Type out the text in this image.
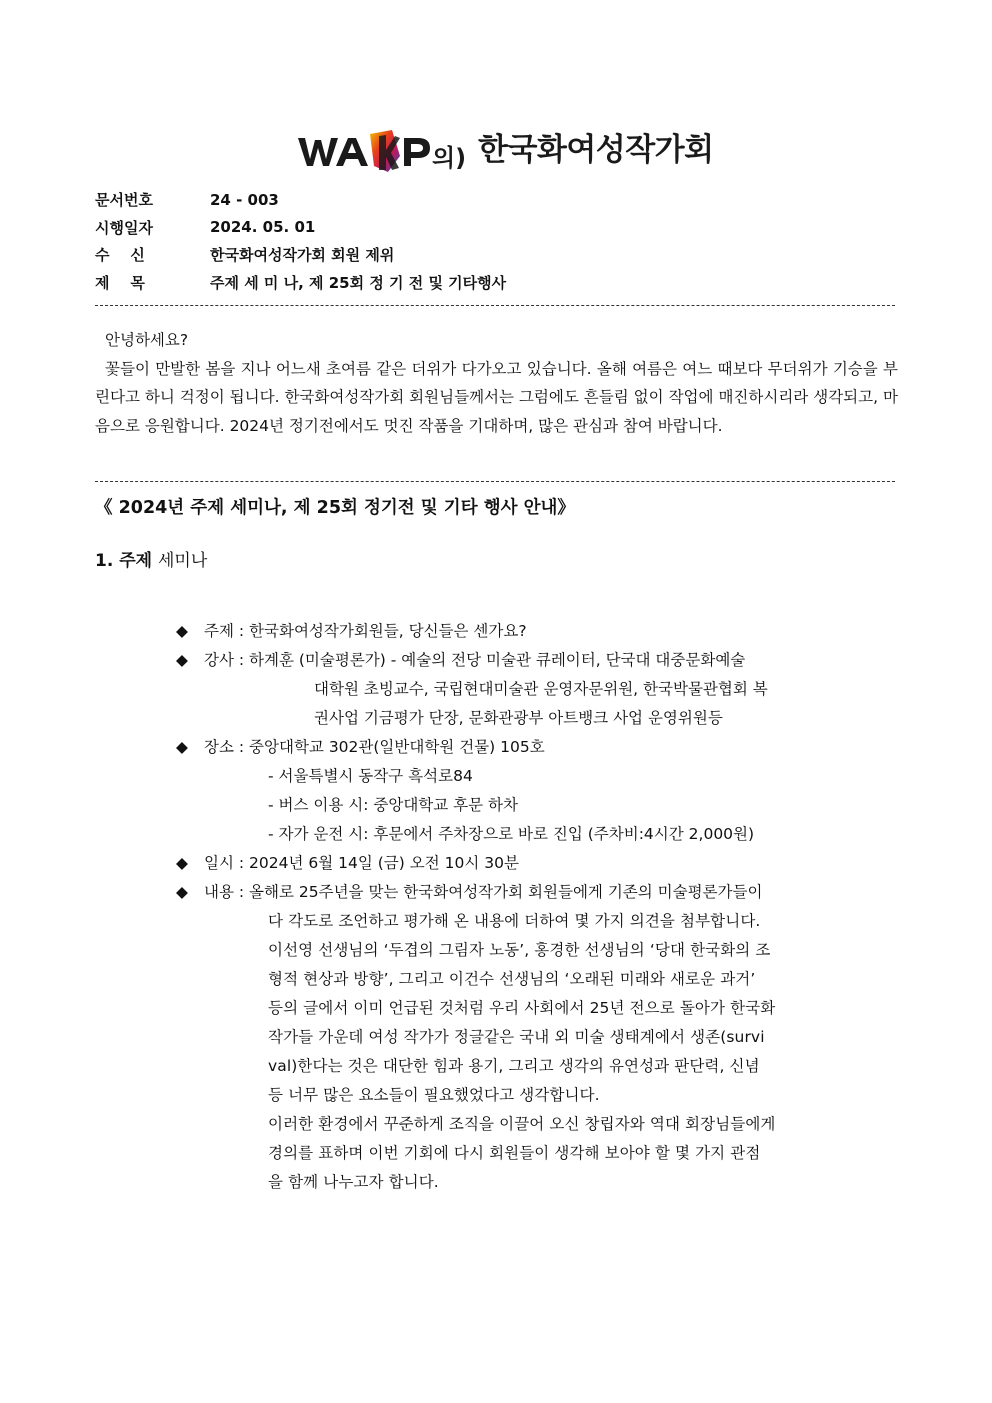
의) 한국화여성작가회
문서번호	24 - 003
시행일자	2024. 05. 01
수    신	한국화여성작가회 회원 제위
제    목	주제 세 미 나, 제 25회 정 기 전 및 기타행사
안녕하세요?
꽃들이 만발한 봄을 지나 어느새 초여름 같은 더위가 다가오고 있습니다. 올해 여름은 여느 때보다 무더위가 기승을 부린다고 하니 걱정이 됩니다. 한국화여성작가회 회원님들께서는 그럼에도 흔들림 없이 작업에 매진하시리라 생각되고, 마음으로 응원합니다. 2024년 정기전에서도 멋진 작품을 기대하며, 많은 관심과 참여 바랍니다.
《 2024년 주제 세미나, 제 25회 정기전 및 기타 행사 안내》
1. 주제 세미나
◆	주제 : 한국화여성작가회원들, 당신들은 센가요?
◆	강사 : 하계훈 (미술평론가) - 예술의 전당 미술관 큐레이터, 단국대 대중문화예술
대학원 초빙교수, 국립현대미술관 운영자문위원, 한국박물관협회 복
권사업 기금평가 단장, 문화관광부 아트뱅크 사업 운영위원등
◆	장소 : 중앙대학교 302관(일반대학원 건물) 105호
- 서울특별시 동작구 흑석로84
- 버스 이용 시: 중앙대학교 후문 하차
- 자가 운전 시: 후문에서 주차장으로 바로 진입 (주차비:4시간 2,000원)
◆	일시 : 2024년 6월 14일 (금) 오전 10시 30분
◆	내용 : 올해로 25주년을 맞는 한국화여성작가회 회원들에게 기존의 미술평론가들이
다 각도로 조언하고 평가해 온 내용에 더하여 몇 가지 의견을 첨부합니다.
이선영 선생님의 ‘두겹의 그림자 노동’, 홍경한 선생님의 ‘당대 한국화의 조
형적 현상과 방향’, 그리고 이건수 선생님의 ‘오래된 미래와 새로운 과거’
등의 글에서 이미 언급된 것처럼 우리 사회에서 25년 전으로 돌아가 한국화
작가들 가운데 여성 작가가 정글같은 국내 외 미술 생태계에서 생존(survi
val)한다는 것은 대단한 힘과 용기, 그리고 생각의 유연성과 판단력, 신념
등 너무 많은 요소들이 필요했었다고 생각합니다.
이러한 환경에서 꾸준하게 조직을 이끌어 오신 창립자와 역대 회장님들에게
경의를 표하며 이번 기회에 다시 회원들이 생각해 보아야 할 몇 가지 관점
을 함께 나누고자 합니다.
